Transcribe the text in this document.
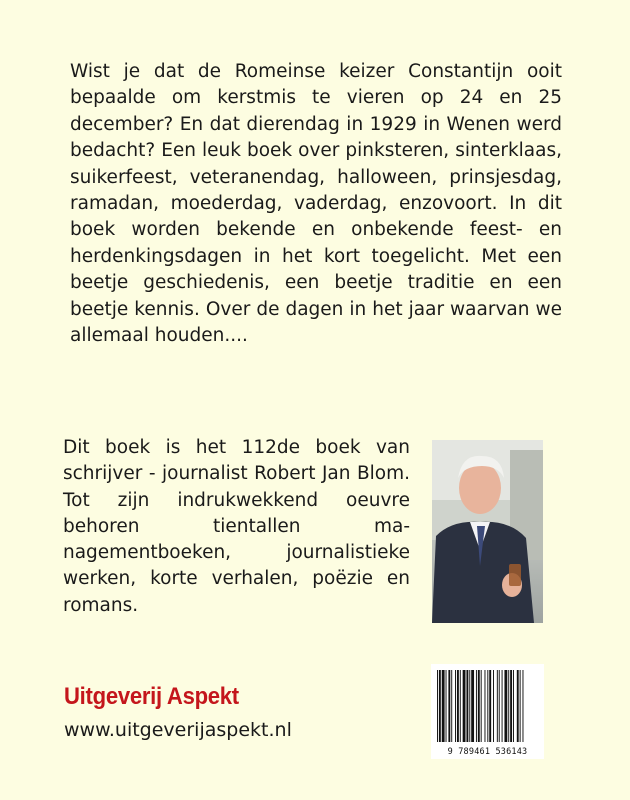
Wist je dat de Romeinse keizer Constantijn ooit bepaalde om kerstmis te vieren op 24 en 25 december? En dat dierendag in 1929 in Wenen werd bedacht? Een leuk boek over pinksteren, sinterklaas, suikerfeest, veteranendag, halloween, prinsjesdag, ramadan, moederdag, vaderdag, enzovoort. In dit boek worden bekende en onbekende feest- en herdenkingsdagen in het kort toegelicht. Met een beetje geschiedenis, een beetje traditie en een beetje kennis. Over de dagen in het jaar waarvan we allemaal houden....

Dit boek is het 112de boek van schrijver - journalist Robert Jan Blom. Tot zijn indrukwekkend oeuvre behoren tientallen managementboeken, journalistieke werken, korte verhalen, poëzie en romans.

Uitgeverij Aspekt
www.uitgeverijaspekt.nl
9 789461 536143
